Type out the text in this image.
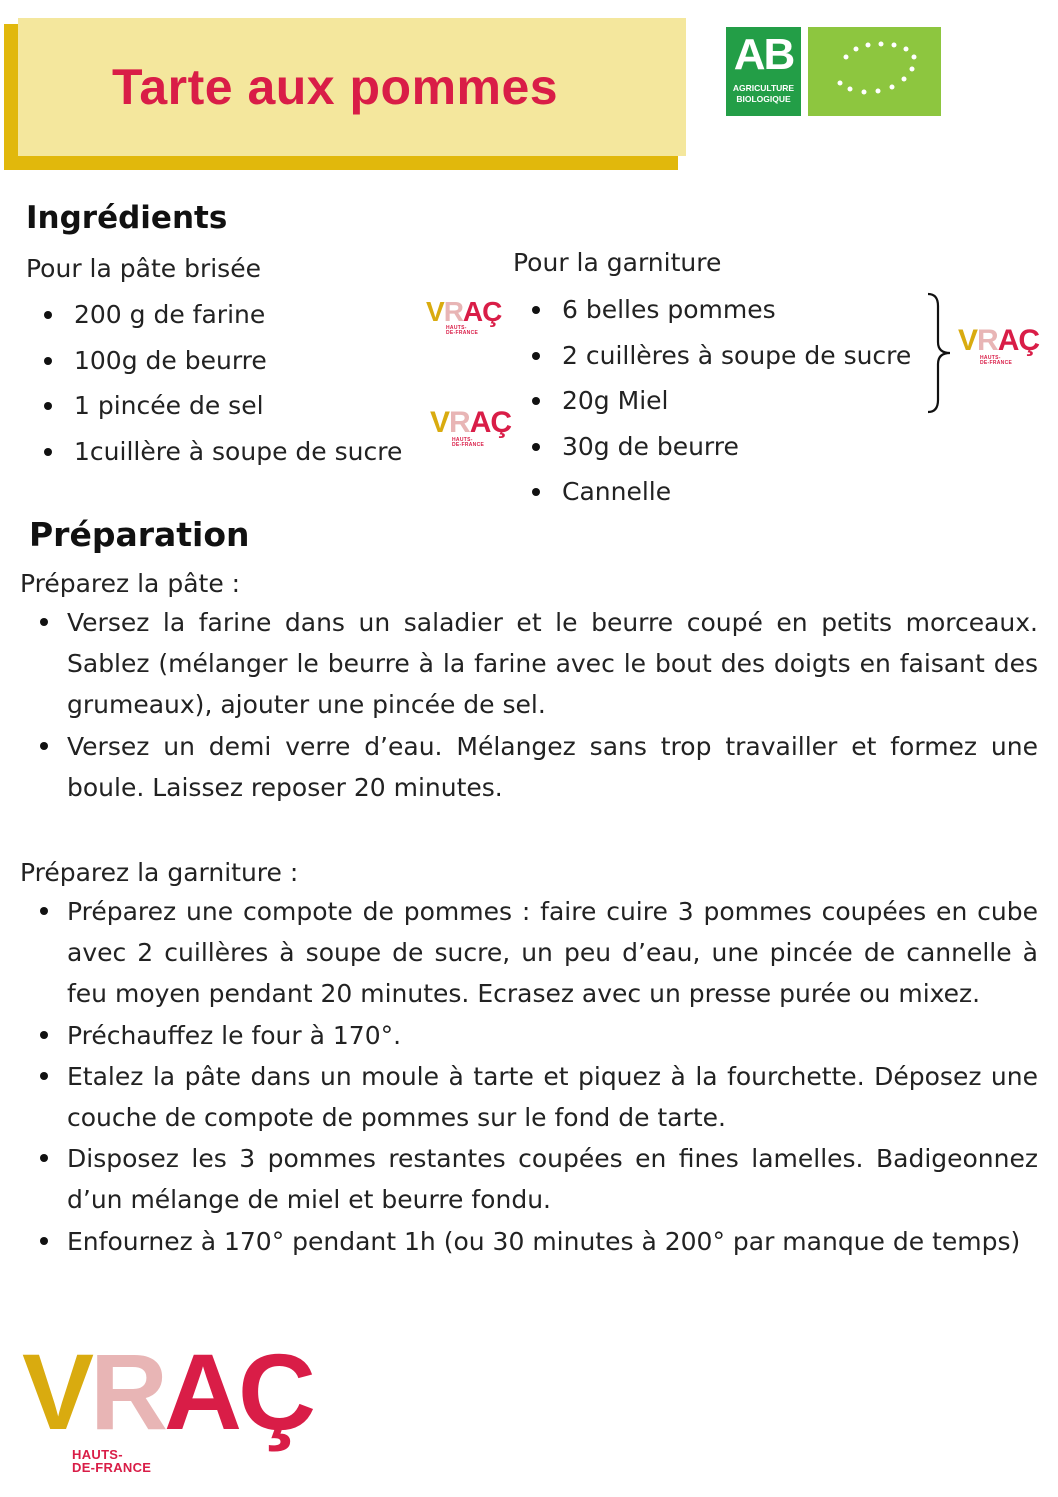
Tarte aux pommes
AB
AGRICULTURE
BIOLOGIQUE
Ingrédients

Pour la pâte brisée

200 g de farine
100g de beurre
1 pincée de sel
1cuillère à soupe de sucre

Pour la garniture

6 belles pommes
2 cuillères à soupe de sucre
20g Miel
30g de beurre
Cannelle
VRAÇ
HAUTS-
DE-FRANCE
VRAÇ
HAUTS-
DE-FRANCE
VRAÇ
HAUTS-
DE-FRANCE
Préparation

Préparez la pâte :

Versez la farine dans un saladier et le beurre coupé en petits morceaux. Sablez (mélanger le beurre à la farine avec le bout des doigts en faisant des grumeaux), ajouter une pincée de sel.
Versez un demi verre d’eau. Mélangez sans trop travailler et formez une boule. Laissez reposer 20 minutes.

Préparez la garniture :

Préparez une compote de pommes : faire cuire 3 pommes coupées en cube avec 2 cuillères à soupe de sucre, un peu d’eau, une pincée de cannelle à feu moyen pendant 20 minutes. Ecrasez avec un presse purée ou mixez.
Préchauffez le four à 170°.
Etalez la pâte dans un moule à tarte et piquez à la fourchette. Déposez une couche de compote de pommes sur le fond de tarte.
Disposez les 3 pommes restantes coupées en fines lamelles. Badigeonnez d’un mélange de miel et beurre fondu.
Enfournez à 170° pendant 1h (ou 30 minutes à 200° par manque de temps)
VRAÇ
HAUTS-
DE-FRANCE
